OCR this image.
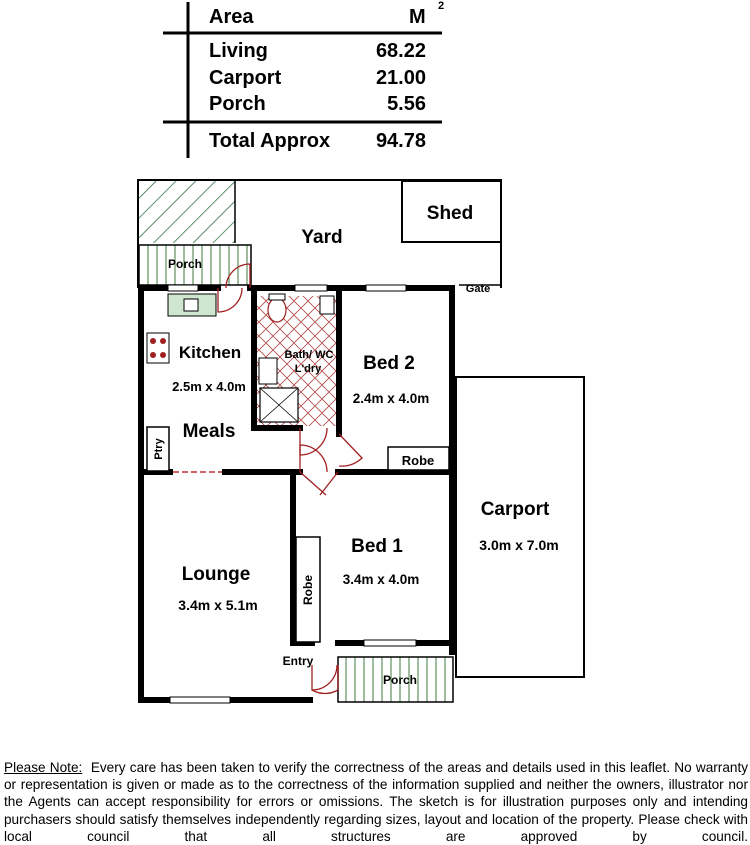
Area	M 2
Living	68.22
Carport	21.00
Porch	5.56
Total Approx 94.78
Yard
Shed
Gate
Porch
Kitchen
2.5m x 4.0m
Meals
Ptry
Bath/ WC
L'dry Bed 2
2.4m x 4.0m
Robe
Bed 1
3.4m x 4.0m
Robe
Lounge
3.4m x 5.1m
Carport
3.0m x 7.0m
Entry
Porch

Please Note: Every care has been taken to verify the correctness of the areas and details used in this leaflet. No warranty or representation is given or made as to the correctness of the information supplied and neither the owners, illustrator nor the Agents can accept responsibility for errors or omissions. The sketch is for illustration purposes only and intending purchasers should satisfy themselves independently regarding sizes, layout and location of the property. Please check with local council that all structures are approved by council.
